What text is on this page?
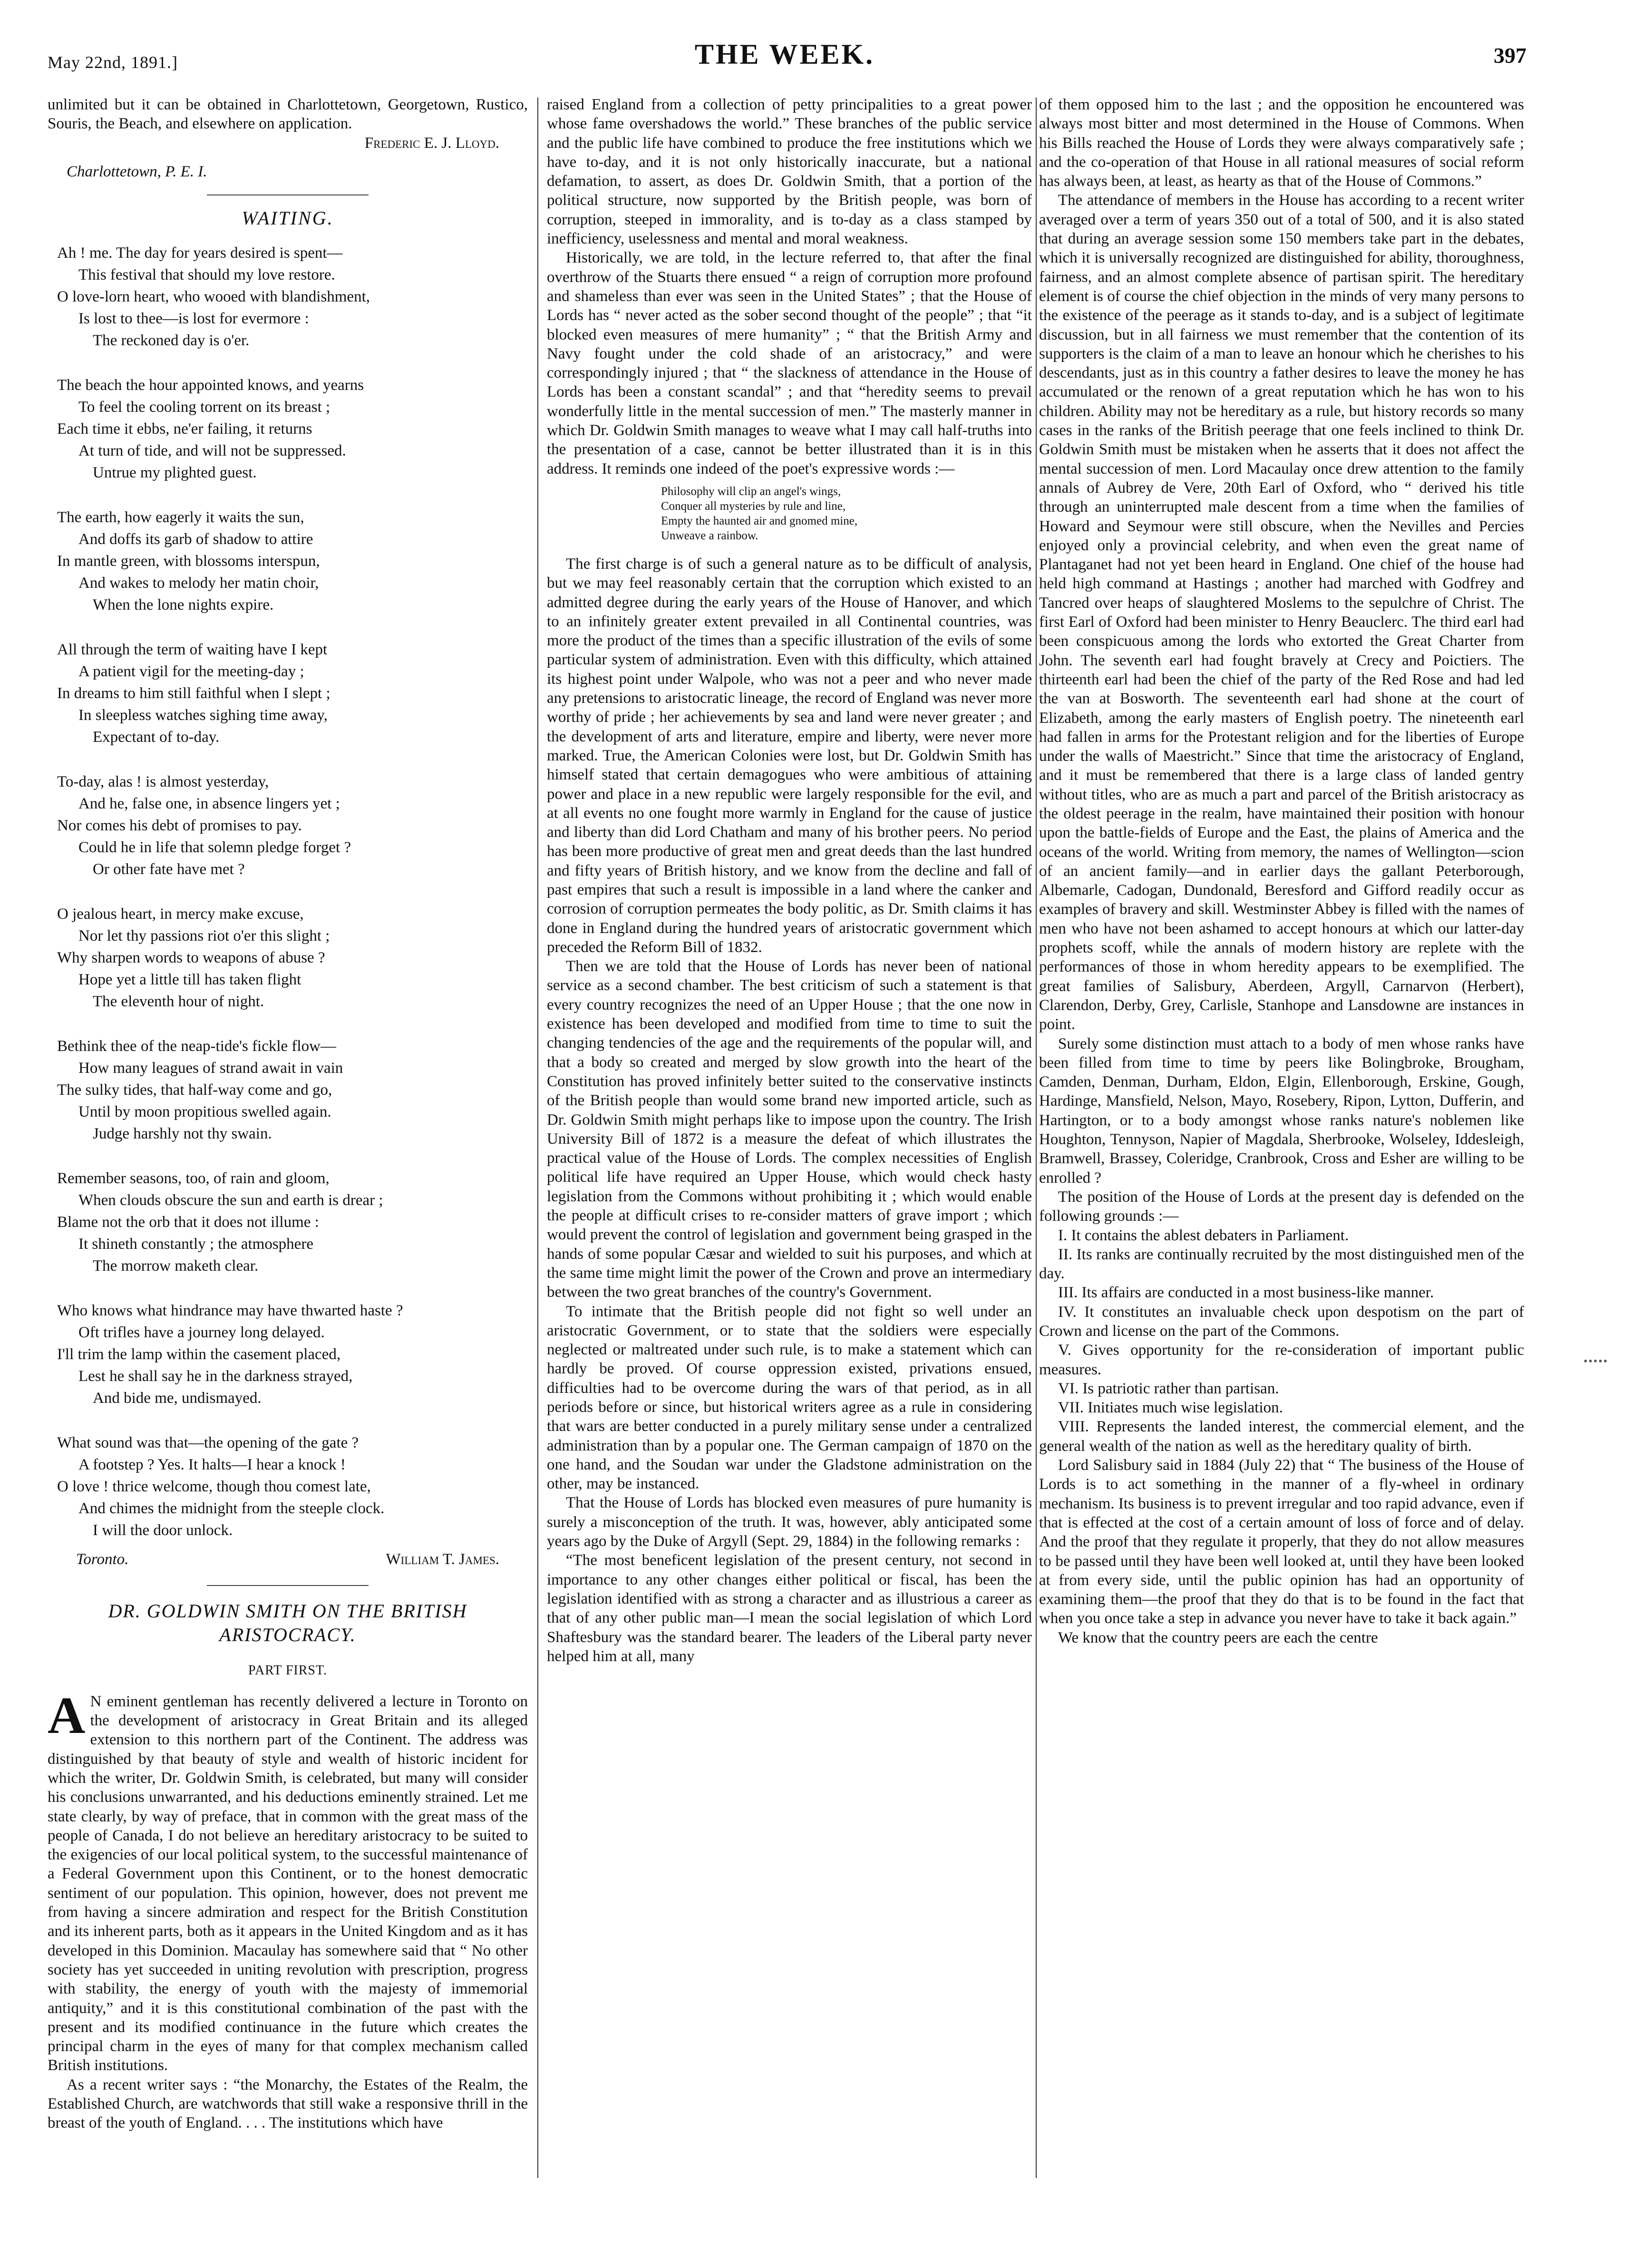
May 22nd, 1891.]	THE WEEK.	397

unlimited but it can be obtained in Charlottetown, Georgetown, Rustico, Souris, the Beach, and elsewhere on application.

Frederic E. J. Lloyd.

Charlottetown, P. E. I.

WAITING.
Ah ! me. The day for years desired is spent—
This festival that should my love restore.
O love-lorn heart, who wooed with blandishment,
Is lost to thee—is lost for evermore :
The reckoned day is o'er.
The beach the hour appointed knows, and yearns
To feel the cooling torrent on its breast ;
Each time it ebbs, ne'er failing, it returns
At turn of tide, and will not be suppressed.
Untrue my plighted guest.
The earth, how eagerly it waits the sun,
And doffs its garb of shadow to attire
In mantle green, with blossoms interspun,
And wakes to melody her matin choir,
When the lone nights expire.
All through the term of waiting have I kept
A patient vigil for the meeting-day ;
In dreams to him still faithful when I slept ;
In sleepless watches sighing time away,
Expectant of to-day.
To-day, alas ! is almost yesterday,
And he, false one, in absence lingers yet ;
Nor comes his debt of promises to pay.
Could he in life that solemn pledge forget ?
Or other fate have met ?
O jealous heart, in mercy make excuse,
Nor let thy passions riot o'er this slight ;
Why sharpen words to weapons of abuse ?
Hope yet a little till has taken flight
The eleventh hour of night.
Bethink thee of the neap-tide's fickle flow—
How many leagues of strand await in vain
The sulky tides, that half-way come and go,
Until by moon propitious swelled again.
Judge harshly not thy swain.
Remember seasons, too, of rain and gloom,
When clouds obscure the sun and earth is drear ;
Blame not the orb that it does not illume :
It shineth constantly ; the atmosphere
The morrow maketh clear.
Who knows what hindrance may have thwarted haste ?
Oft trifles have a journey long delayed.
I'll trim the lamp within the casement placed,
Lest he shall say he in the darkness strayed,
And bide me, undismayed.
What sound was that—the opening of the gate ?
A footstep ? Yes. It halts—I hear a knock !
O love ! thrice welcome, though thou comest late,
And chimes the midnight from the steeple clock.
I will the door unlock.
Toronto.	William T. James.
DR. GOLDWIN SMITH ON THE BRITISH
ARISTOCRACY.
PART FIRST.

A N eminent gentleman has recently delivered a lecture in Toronto on the development of aristocracy in Great Britain and its alleged extension to this northern part of the Continent. The address was distinguished by that beauty of style and wealth of historic incident for which the writer, Dr. Goldwin Smith, is celebrated, but many will consider his conclusions unwarranted, and his deductions eminently strained. Let me state clearly, by way of preface, that in common with the great mass of the people of Canada, I do not believe an hereditary aristocracy to be suited to the exigencies of our local political system, to the successful maintenance of a Federal Government upon this Continent, or to the honest democratic sentiment of our population. This opinion, however, does not prevent me from having a sincere admiration and respect for the British Constitution and its inherent parts, both as it appears in the United Kingdom and as it has developed in this Dominion. Macaulay has somewhere said that “ No other society has yet succeeded in uniting revolution with prescription, progress with stability, the energy of youth with the majesty of immemorial antiquity,” and it is this constitutional combination of the past with the present and its modified continuance in the future which creates the principal charm in the eyes of many for that complex mechanism called British institutions.

As a recent writer says : “the Monarchy, the Estates of the Realm, the Established Church, are watchwords that still wake a responsive thrill in the breast of the youth of England. . . . The institutions which have

raised England from a collection of petty principalities to a great power whose fame overshadows the world.” These branches of the public service and the public life have combined to produce the free institutions which we have to-day, and it is not only historically inaccurate, but a national defamation, to assert, as does Dr. Goldwin Smith, that a portion of the political structure, now supported by the British people, was born of corruption, steeped in immorality, and is to-day as a class stamped by inefficiency, uselessness and mental and moral weakness.

Historically, we are told, in the lecture referred to, that after the final overthrow of the Stuarts there ensued “ a reign of corruption more profound and shameless than ever was seen in the United States” ; that the House of Lords has “ never acted as the sober second thought of the people” ; that “it blocked even measures of mere humanity” ; “ that the British Army and Navy fought under the cold shade of an aristocracy,” and were correspondingly injured ; that “ the slackness of attendance in the House of Lords has been a constant scandal” ; and that “heredity seems to prevail wonderfully little in the mental succession of men.” The masterly manner in which Dr. Goldwin Smith manages to weave what I may call half-truths into the presentation of a case, cannot be better illustrated than it is in this address. It reminds one indeed of the poet's expressive words :—

Philosophy will clip an angel's wings,
Conquer all mysteries by rule and line,
Empty the haunted air and gnomed mine,
Unweave a rainbow.

The first charge is of such a general nature as to be difficult of analysis, but we may feel reasonably certain that the corruption which existed to an admitted degree during the early years of the House of Hanover, and which to an infinitely greater extent prevailed in all Continental countries, was more the product of the times than a specific illustration of the evils of some particular system of administration. Even with this difficulty, which attained its highest point under Walpole, who was not a peer and who never made any pretensions to aristocratic lineage, the record of England was never more worthy of pride ; her achievements by sea and land were never greater ; and the development of arts and literature, empire and liberty, were never more marked. True, the American Colonies were lost, but Dr. Goldwin Smith has himself stated that certain demagogues who were ambitious of attaining power and place in a new republic were largely responsible for the evil, and at all events no one fought more warmly in England for the cause of justice and liberty than did Lord Chatham and many of his brother peers. No period has been more productive of great men and great deeds than the last hundred and fifty years of British history, and we know from the decline and fall of past empires that such a result is impossible in a land where the canker and corrosion of corruption permeates the body politic, as Dr. Smith claims it has done in England during the hundred years of aristocratic government which preceded the Reform Bill of 1832.

Then we are told that the House of Lords has never been of national service as a second chamber. The best criticism of such a statement is that every country recognizes the need of an Upper House ; that the one now in existence has been developed and modified from time to time to suit the changing tendencies of the age and the requirements of the popular will, and that a body so created and merged by slow growth into the heart of the Constitution has proved infinitely better suited to the conservative instincts of the British people than would some brand new imported article, such as Dr. Goldwin Smith might perhaps like to impose upon the country. The Irish University Bill of 1872 is a measure the defeat of which illustrates the practical value of the House of Lords. The complex necessities of English political life have required an Upper House, which would check hasty legislation from the Commons without prohibiting it ; which would enable the people at difficult crises to re-consider matters of grave import ; which would prevent the control of legislation and government being grasped in the hands of some popular Cæsar and wielded to suit his purposes, and which at the same time might limit the power of the Crown and prove an intermediary between the two great branches of the country's Government.

To intimate that the British people did not fight so well under an aristocratic Government, or to state that the soldiers were especially neglected or maltreated under such rule, is to make a statement which can hardly be proved. Of course oppression existed, privations ensued, difficulties had to be overcome during the wars of that period, as in all periods before or since, but historical writers agree as a rule in considering that wars are better conducted in a purely military sense under a centralized administration than by a popular one. The German campaign of 1870 on the one hand, and the Soudan war under the Gladstone administration on the other, may be instanced.

That the House of Lords has blocked even measures of pure humanity is surely a misconception of the truth. It was, however, ably anticipated some years ago by the Duke of Argyll (Sept. 29, 1884) in the following remarks :

“The most beneficent legislation of the present century, not second in importance to any other changes either political or fiscal, has been the legislation identified with as strong a character and as illustrious a career as that of any other public man—I mean the social legislation of which Lord Shaftesbury was the standard bearer. The leaders of the Liberal party never helped him at all, many

of them opposed him to the last ; and the opposition he encountered was always most bitter and most determined in the House of Commons. When his Bills reached the House of Lords they were always comparatively safe ; and the co-operation of that House in all rational measures of social reform has always been, at least, as hearty as that of the House of Commons.”

The attendance of members in the House has according to a recent writer averaged over a term of years 350 out of a total of 500, and it is also stated that during an average session some 150 members take part in the debates, which it is universally recognized are distinguished for ability, thoroughness, fairness, and an almost complete absence of partisan spirit. The hereditary element is of course the chief objection in the minds of very many persons to the existence of the peerage as it stands to-day, and is a subject of legitimate discussion, but in all fairness we must remember that the contention of its supporters is the claim of a man to leave an honour which he cherishes to his descendants, just as in this country a father desires to leave the money he has accumulated or the renown of a great reputation which he has won to his children. Ability may not be hereditary as a rule, but history records so many cases in the ranks of the British peerage that one feels inclined to think Dr. Goldwin Smith must be mistaken when he asserts that it does not affect the mental succession of men. Lord Macaulay once drew attention to the family annals of Aubrey de Vere, 20th Earl of Oxford, who “ derived his title through an uninterrupted male descent from a time when the families of Howard and Seymour were still obscure, when the Nevilles and Percies enjoyed only a provincial celebrity, and when even the great name of Plantaganet had not yet been heard in England. One chief of the house had held high command at Hastings ; another had marched with Godfrey and Tancred over heaps of slaughtered Moslems to the sepulchre of Christ. The first Earl of Oxford had been minister to Henry Beauclerc. The third earl had been conspicuous among the lords who extorted the Great Charter from John. The seventh earl had fought bravely at Crecy and Poictiers. The thirteenth earl had been the chief of the party of the Red Rose and had led the van at Bosworth. The seventeenth earl had shone at the court of Elizabeth, among the early masters of English poetry. The nineteenth earl had fallen in arms for the Protestant religion and for the liberties of Europe under the walls of Maestricht.” Since that time the aristocracy of England, and it must be remembered that there is a large class of landed gentry without titles, who are as much a part and parcel of the British aristocracy as the oldest peerage in the realm, have maintained their position with honour upon the battle-fields of Europe and the East, the plains of America and the oceans of the world. Writing from memory, the names of Wellington—scion of an ancient family—and in earlier days the gallant Peterborough, Albemarle, Cadogan, Dundonald, Beresford and Gifford readily occur as examples of bravery and skill. Westminster Abbey is filled with the names of men who have not been ashamed to accept honours at which our latter-day prophets scoff, while the annals of modern history are replete with the performances of those in whom heredity appears to be exemplified. The great families of Salisbury, Aberdeen, Argyll, Carnarvon (Herbert), Clarendon, Derby, Grey, Carlisle, Stanhope and Lansdowne are instances in point.

Surely some distinction must attach to a body of men whose ranks have been filled from time to time by peers like Bolingbroke, Brougham, Camden, Denman, Durham, Eldon, Elgin, Ellenborough, Erskine, Gough, Hardinge, Mansfield, Nelson, Mayo, Rosebery, Ripon, Lytton, Dufferin, and Hartington, or to a body amongst whose ranks nature's noblemen like Houghton, Tennyson, Napier of Magdala, Sherbrooke, Wolseley, Iddesleigh, Bramwell, Brassey, Coleridge, Cranbrook, Cross and Esher are willing to be enrolled ?

The position of the House of Lords at the present day is defended on the following grounds :—

I. It contains the ablest debaters in Parliament.

II. Its ranks are continually recruited by the most distinguished men of the day.

III. Its affairs are conducted in a most business-like manner.

IV. It constitutes an invaluable check upon despotism on the part of Crown and license on the part of the Commons.

V. Gives opportunity for the re-consideration of important public measures.

VI. Is patriotic rather than partisan.

VII. Initiates much wise legislation.

VIII. Represents the landed interest, the commercial element, and the general wealth of the nation as well as the hereditary quality of birth.

Lord Salisbury said in 1884 (July 22) that “ The business of the House of Lords is to act something in the manner of a fly-wheel in ordinary mechanism. Its business is to prevent irregular and too rapid advance, even if that is effected at the cost of a certain amount of loss of force and of delay. And the proof that they regulate it properly, that they do not allow measures to be passed until they have been well looked at, until they have been looked at from every side, until the public opinion has had an opportunity of examining them—the proof that they do that is to be found in the fact that when you once take a step in advance you never have to take it back again.”

We know that the country peers are each the centre

•••••
